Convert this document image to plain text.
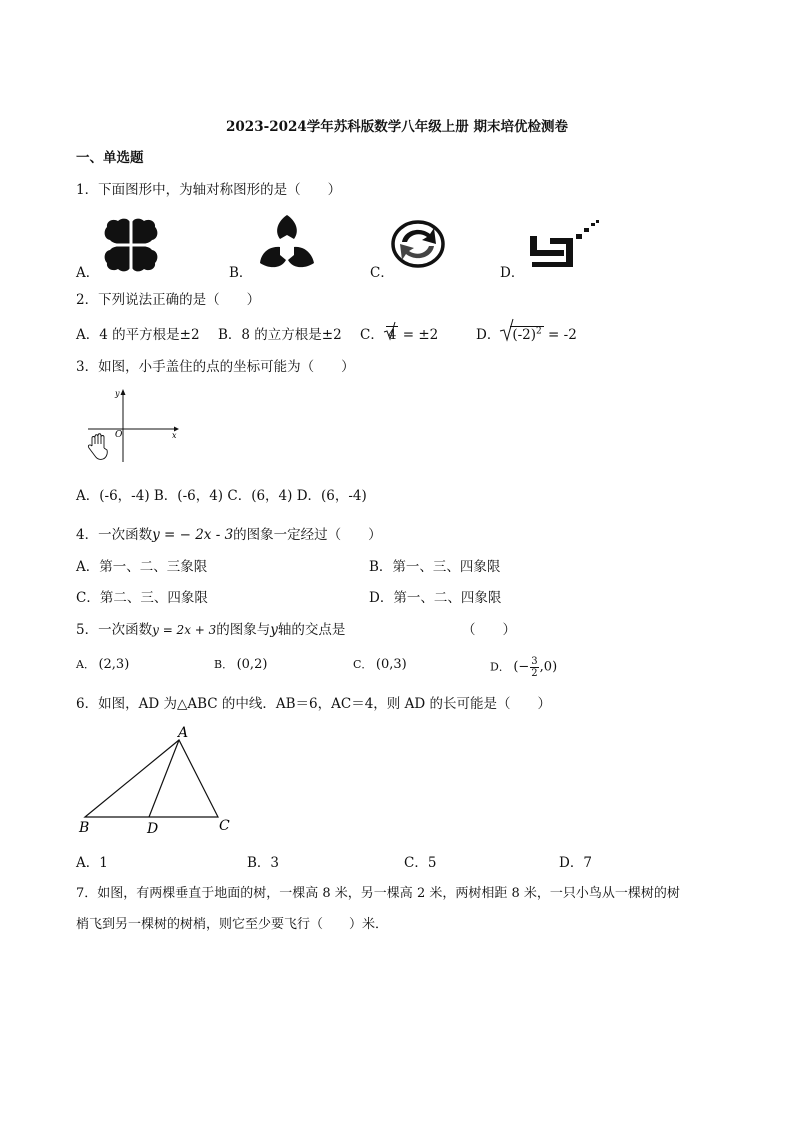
2023-2024学年苏科版数学八年级上册 期末培优检测卷
一、单选题
1．下面图形中，为轴对称图形的是（　　）
A．	B．	C．	D．
2．下列说法正确的是（　　）
A．4 的平方根是±2 B．8 的立方根是±2 C． 4 = ±2	D． $(-2)^2 = -2$
3．如图，小手盖住的点的坐标可能为（　　）
x
y
O
A．(-6，-4) B．(-6，4) C．(6，4) D．(6，-4)
4．一次函数y = − 2x - 3的图象一定经过（　　）
A．第一、二、三象限	B．第一、三、四象限
C．第二、三、四象限	D．第一、二、四象限
5．一次函数y = 2x + 3的图象与y轴的交点是	（　　）
A． (2,3)	B． (0,2)	C． (0,3)	D． (− $\frac{3}{2} ,0$)
6．如图，AD 为△ABC 的中线．AB＝6，AC＝4，则 AD 的长可能是（　　）
A
B	C
D
A．1	B．3	C．5	D．7
7．如图，有两棵垂直于地面的树，一棵高 8 米，另一棵高 2 米，两树相距 8 米，一只小鸟从一棵树的树
梢飞到另一棵树的树梢，则它至少要飞行（　　）米．
